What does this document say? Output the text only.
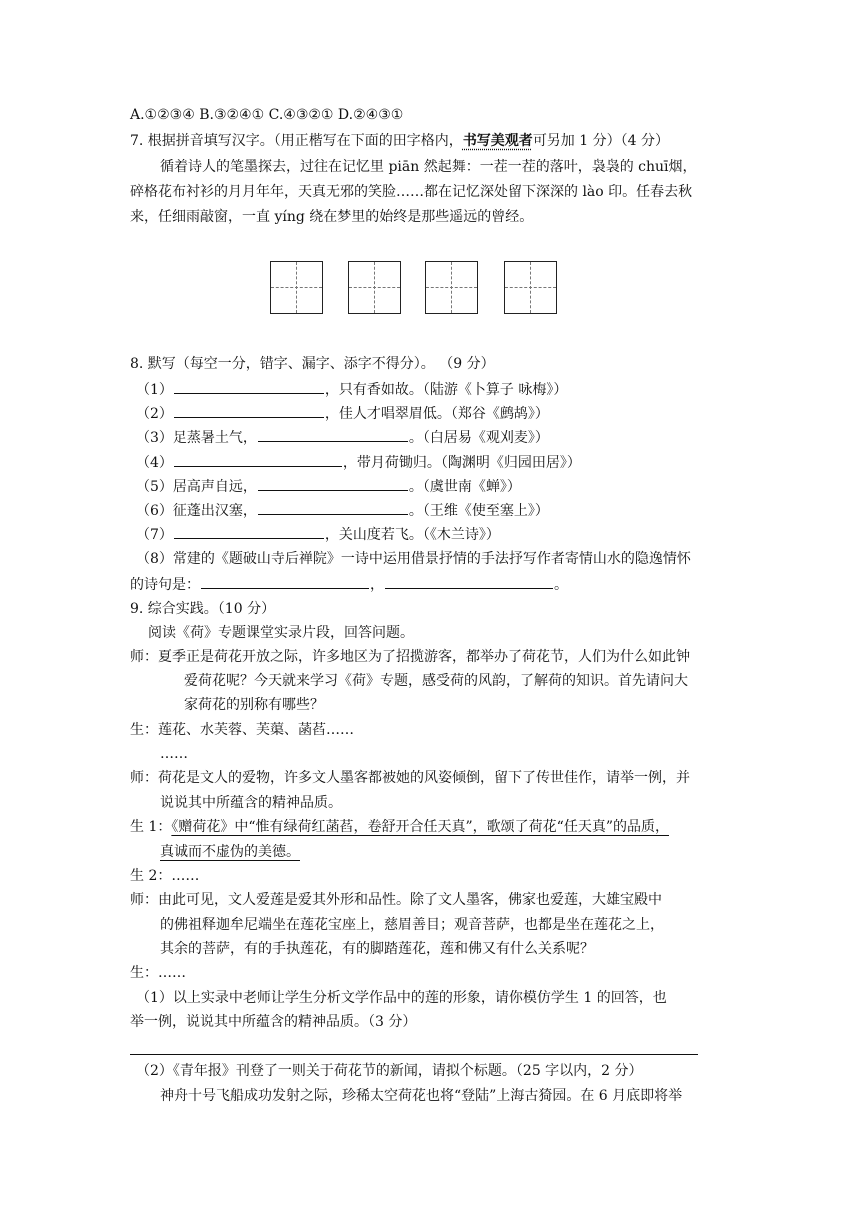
A.①②③④ B.③②④① C.④③②① D.②④③①
7. 根据拼音填写汉字。（用正楷写在下面的田字格内，书写美观者可另加 1 分）（4 分）
循着诗人的笔墨探去，过往在记忆里 piān 然起舞：一茬一茬的落叶，袅袅的 chuī烟，
碎格花布衬衫的月月年年，天真无邪的笑脸……都在记忆深处留下深深的 lào 印。任春去秋
来，任细雨敲窗，一直 yíng 绕在梦里的始终是那些遥远的曾经。
8. 默写（每空一分，错字、漏字、添字不得分）。 （9 分）
（1）	，只有香如故。（陆游《卜算子 咏梅》）
（2）	，佳人才唱翠眉低。（郑谷《鹧鸪》）
（3）足蒸暑土气，	。（白居易《观刈麦》）
（4）	，带月荷锄归。（陶渊明《归园田居》）
（5）居高声自远，	。（虞世南《蝉》）
（6）征蓬出汉塞，	。（王维《使至塞上》）
（7）	，关山度若飞。（《木兰诗》）
（8）常建的《题破山寺后禅院》一诗中运用借景抒情的手法抒写作者寄情山水的隐逸情怀
的诗句是：	，	。
9. 综合实践。（10 分）
阅读《荷》专题课堂实录片段，回答问题。
师：夏季正是荷花开放之际，许多地区为了招揽游客，都举办了荷花节，人们为什么如此钟
爱荷花呢？今天就来学习《荷》专题，感受荷的风韵，了解荷的知识。首先请问大
家荷花的别称有哪些？
生：莲花、水芙蓉、芙蕖、菡萏……
……
师：荷花是文人的爱物，许多文人墨客都被她的风姿倾倒，留下了传世佳作，请举一例，并
说说其中所蕴含的精神品质。
生 1：《赠荷花》中“惟有绿荷红菡萏，卷舒开合任天真”，歌颂了荷花“任天真”的品质，
真诚而不虚伪的美德。
生 2：……
师：由此可见，文人爱莲是爱其外形和品性。除了文人墨客，佛家也爱莲，大雄宝殿中
的佛祖释迦牟尼端坐在莲花宝座上，慈眉善目；观音菩萨，也都是坐在莲花之上，
其余的菩萨，有的手执莲花，有的脚踏莲花，莲和佛又有什么关系呢？
生：……
（1）以上实录中老师让学生分析文学作品中的莲的形象，请你模仿学生 1 的回答，也
举一例，说说其中所蕴含的精神品质。（3 分）
（2）《青年报》刊登了一则关于荷花节的新闻，请拟个标题。（25 字以内，2 分）
神舟十号飞船成功发射之际，珍稀太空荷花也将“登陆”上海古猗园。在 6 月底即将举
